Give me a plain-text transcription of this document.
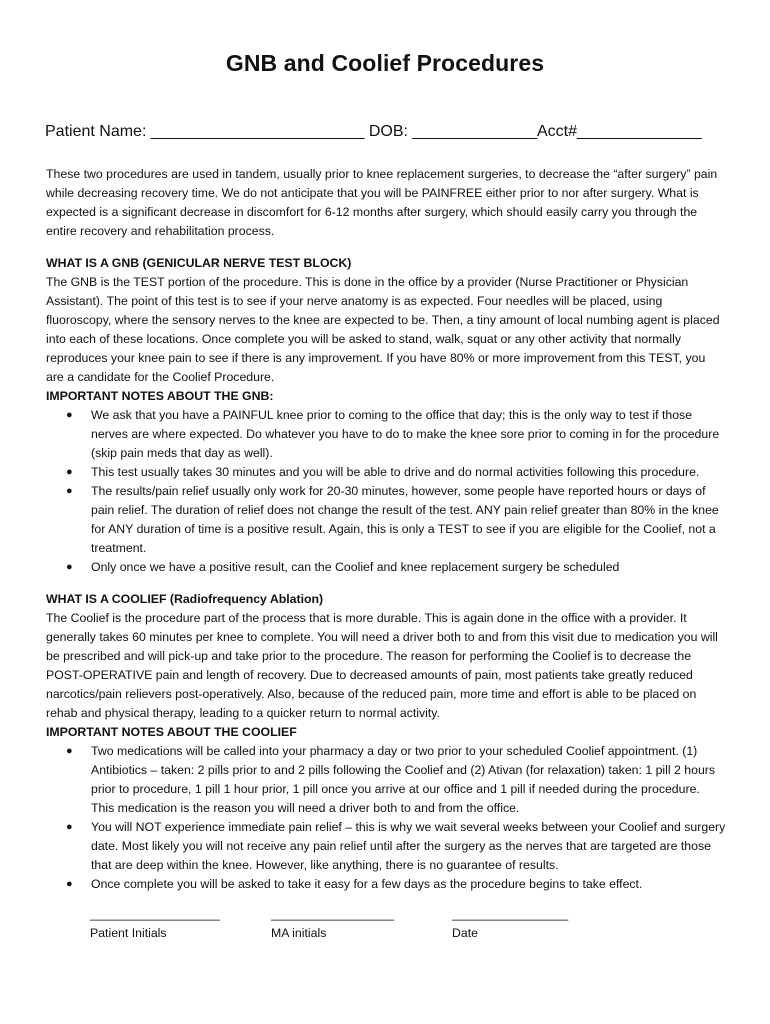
GNB and Coolief Procedures
Patient Name: ________________________ DOB: ______________Acct#______________

These two procedures are used in tandem, usually prior to knee replacement surgeries, to decrease the “after surgery” pain while decreasing recovery time. We do not anticipate that you will be PAINFREE either prior to nor after surgery. What is expected is a significant decrease in discomfort for 6-12 months after surgery, which should easily carry you through the entire recovery and rehabilitation process.

WHAT IS A GNB (GENICULAR NERVE TEST BLOCK)

The GNB is the TEST portion of the procedure. This is done in the office by a provider (Nurse Practitioner or Physician Assistant). The point of this test is to see if your nerve anatomy is as expected. Four needles will be placed, using fluoroscopy, where the sensory nerves to the knee are expected to be. Then, a tiny amount of local numbing agent is placed into each of these locations. Once complete you will be asked to stand, walk, squat or any other activity that normally reproduces your knee pain to see if there is any improvement. If you have 80% or more improvement from this TEST, you are a candidate for the Coolief Procedure.

IMPORTANT NOTES ABOUT THE GNB:

● We ask that you have a PAINFUL knee prior to coming to the office that day; this is the only way to test if those nerves are where expected. Do whatever you have to do to make the knee sore prior to coming in for the procedure (skip pain meds that day as well).
● This test usually takes 30 minutes and you will be able to drive and do normal activities following this procedure.
● The results/pain relief usually only work for 20-30 minutes, however, some people have reported hours or days of pain relief. The duration of relief does not change the result of the test. ANY pain relief greater than 80% in the knee for ANY duration of time is a positive result. Again, this is only a TEST to see if you are eligible for the Coolief, not a treatment.
● Only once we have a positive result, can the Coolief and knee replacement surgery be scheduled

WHAT IS A COOLIEF (Radiofrequency Ablation)

The Coolief is the procedure part of the process that is more durable. This is again done in the office with a provider. It generally takes 60 minutes per knee to complete. You will need a driver both to and from this visit due to medication you will be prescribed and will pick-up and take prior to the procedure. The reason for performing the Coolief is to decrease the POST-OPERATIVE pain and length of recovery. Due to decreased amounts of pain, most patients take greatly reduced narcotics/pain relievers post-operatively. Also, because of the reduced pain, more time and effort is able to be placed on rehab and physical therapy, leading to a quicker return to normal activity.

IMPORTANT NOTES ABOUT THE COOLIEF

● Two medications will be called into your pharmacy a day or two prior to your scheduled Coolief appointment. (1) Antibiotics – taken: 2 pills prior to and 2 pills following the Coolief and (2) Ativan (for relaxation) taken: 1 pill 2 hours prior to procedure, 1 pill 1 hour prior, 1 pill once you arrive at our office and 1 pill if needed during the procedure. This medication is the reason you will need a driver both to and from the office.
● You will NOT experience immediate pain relief – this is why we wait several weeks between your Coolief and surgery date. Most likely you will not receive any pain relief until after the surgery as the nerves that are targeted are those that are deep within the knee. However, like anything, there is no guarantee of results.
● Once complete you will be asked to take it easy for a few days as the procedure begins to take effect.
___________________
Patient Initials
__________________
MA initials
_________________
Date
